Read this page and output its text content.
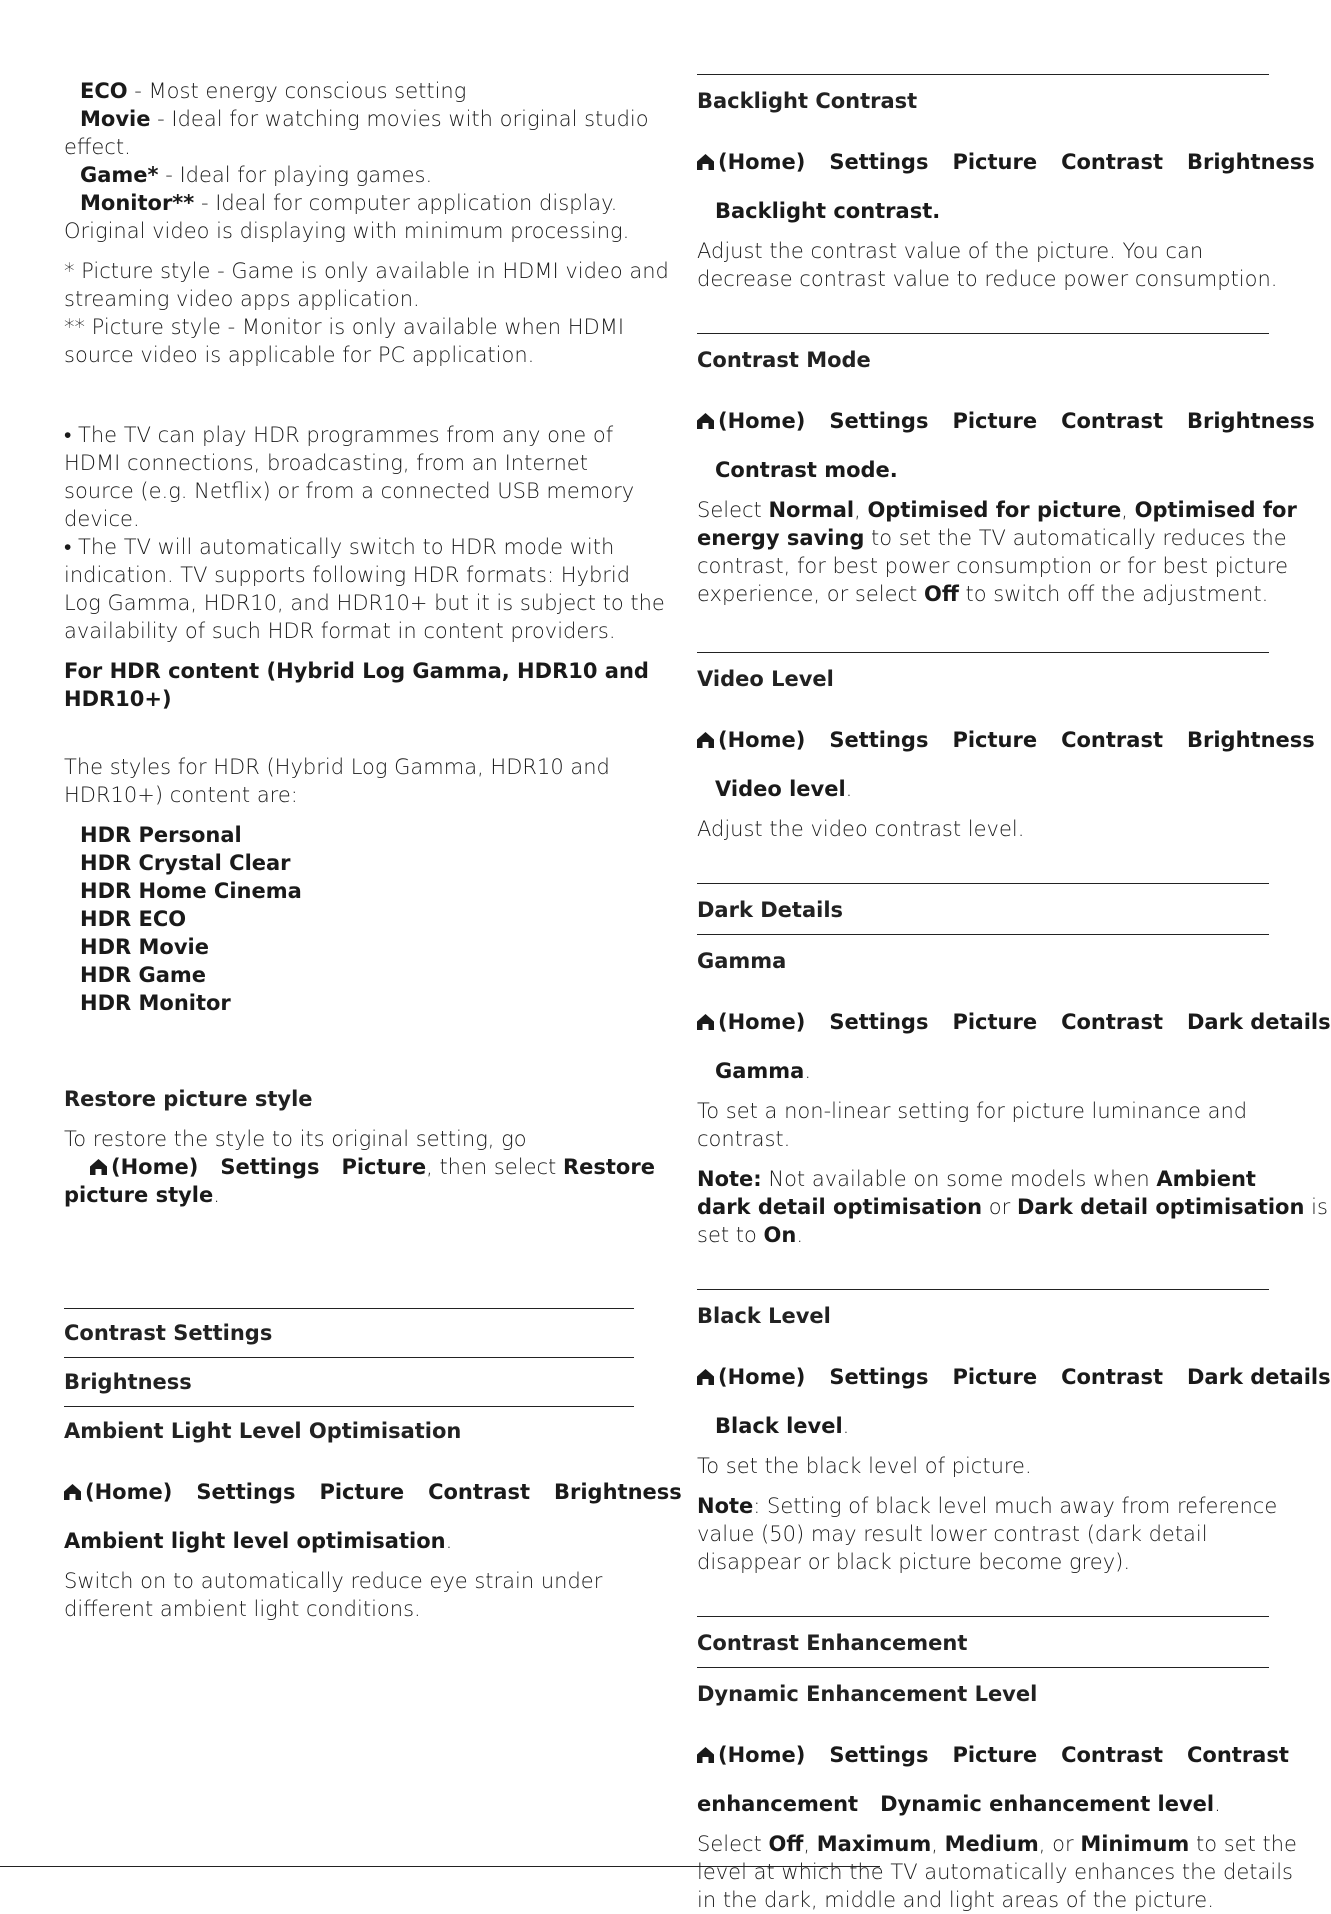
ECO - Most energy conscious setting

Movie - Ideal for watching movies with original studio

effect.

Game* - Ideal for playing games.

Monitor** - Ideal for computer application display.

Original video is displaying with minimum processing.

* Picture style - Game is only available in HDMI video and

streaming video apps application.

** Picture style - Monitor is only available when HDMI

source video is applicable for PC application.

• The TV can play HDR programmes from any one of

HDMI connections, broadcasting, from an Internet

source (e.g. Netflix) or from a connected USB memory

device.

• The TV will automatically switch to HDR mode with

indication. TV supports following HDR formats: Hybrid

Log Gamma, HDR10, and HDR10+ but it is subject to the

availability of such HDR format in content providers.

For HDR content (Hybrid Log Gamma, HDR10 and

HDR10+)

The styles for HDR (Hybrid Log Gamma, HDR10 and

HDR10+) content are:

HDR Personal

HDR Crystal Clear

HDR Home Cinema

HDR ECO

HDR Movie

HDR Game

HDR Monitor

Restore picture style

To restore the style to its original setting, go

(Home) Settings Picture, then select Restore

picture style.

Contrast Settings

Brightness

Ambient Light Level Optimisation

(Home) Settings Picture Contrast Brightness

Ambient light level optimisation.

Switch on to automatically reduce eye strain under

different ambient light conditions.

Backlight Contrast

(Home) Settings Picture Contrast Brightness

Backlight contrast.

Adjust the contrast value of the picture. You can

decrease contrast value to reduce power consumption.

Contrast Mode

(Home) Settings Picture Contrast Brightness

Contrast mode.

Select Normal, Optimised for picture, Optimised for

energy saving to set the TV automatically reduces the

contrast, for best power consumption or for best picture

experience, or select Off to switch off the adjustment.

Video Level

(Home) Settings Picture Contrast Brightness

Video level.

Adjust the video contrast level.

Dark Details

Gamma

(Home) Settings Picture Contrast Dark details

Gamma.

To set a non-linear setting for picture luminance and

contrast.

Note: Not available on some models when Ambient

dark detail optimisation or Dark detail optimisation is

set to On.

Black Level

(Home) Settings Picture Contrast Dark details

Black level.

To set the black level of picture.

Note: Setting of black level much away from reference

value (50) may result lower contrast (dark detail

disappear or black picture become grey).

Contrast Enhancement

Dynamic Enhancement Level

(Home) Settings Picture Contrast Contrast

enhancement Dynamic enhancement level.

Select Off, Maximum, Medium, or Minimum to set the

level at which the TV automatically enhances the details

in the dark, middle and light areas of the picture.
